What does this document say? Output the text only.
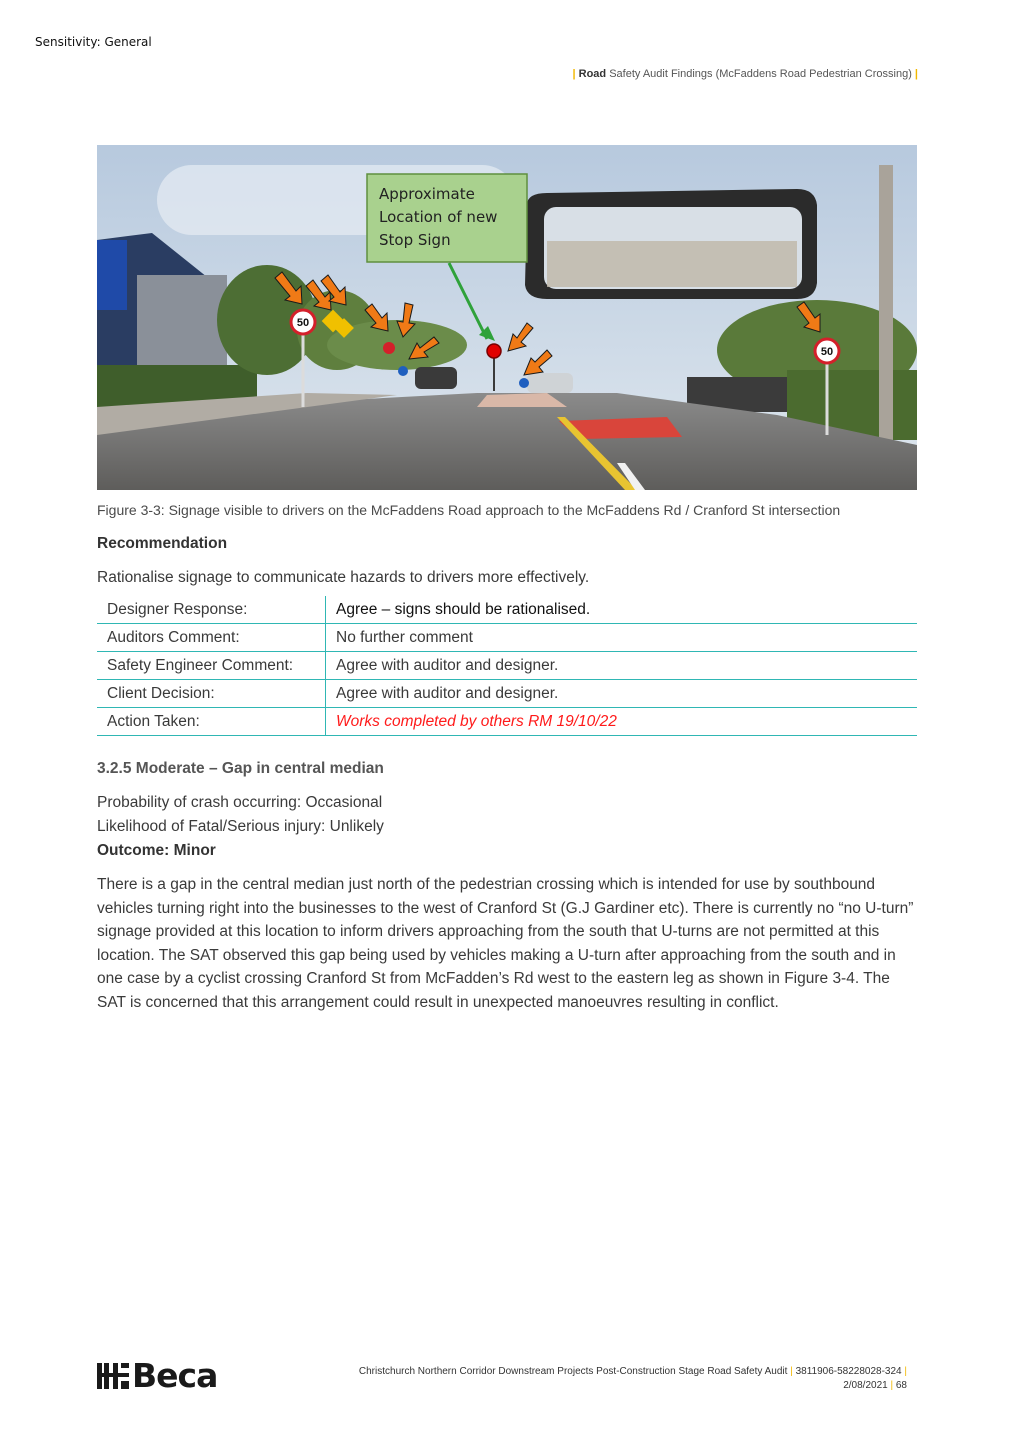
Sensitivity: General
| Road Safety Audit Findings (McFaddens Road Pedestrian Crossing) |
50
50
Approximate
Location of new
Stop Sign
Figure 3-3: Signage visible to drivers on the McFaddens Road approach to the McFaddens Rd / Cranford St intersection
Recommendation
Rationalise signage to communicate hazards to drivers more effectively.
Designer Response:	Agree – signs should be rationalised.
Auditors Comment:	No further comment
Safety Engineer Comment:	Agree with auditor and designer.
Client Decision:	Agree with auditor and designer.
Action Taken:	Works completed by others RM 19/10/22
3.2.5 Moderate – Gap in central median
Probability of crash occurring: Occasional
Likelihood of Fatal/Serious injury: Unlikely
Outcome: Minor
There is a gap in the central median just north of the pedestrian crossing which is intended for use by southbound vehicles turning right into the businesses to the west of Cranford St (G.J Gardiner etc). There is currently no “no U-turn” signage provided at this location to inform drivers approaching from the south that U-turns are not permitted at this location. The SAT observed this gap being used by vehicles making a U-turn after approaching from the south and in one case by a cyclist crossing Cranford St from McFadden’s Rd west to the eastern leg as shown in Figure 3-4. The SAT is concerned that this arrangement could result in unexpected manoeuvres resulting in conflict.
Beca	Christchurch Northern Corridor Downstream Projects Post-Construction Stage Road Safety Audit | 3811906-58228028-324 |
2/08/2021 | 68
